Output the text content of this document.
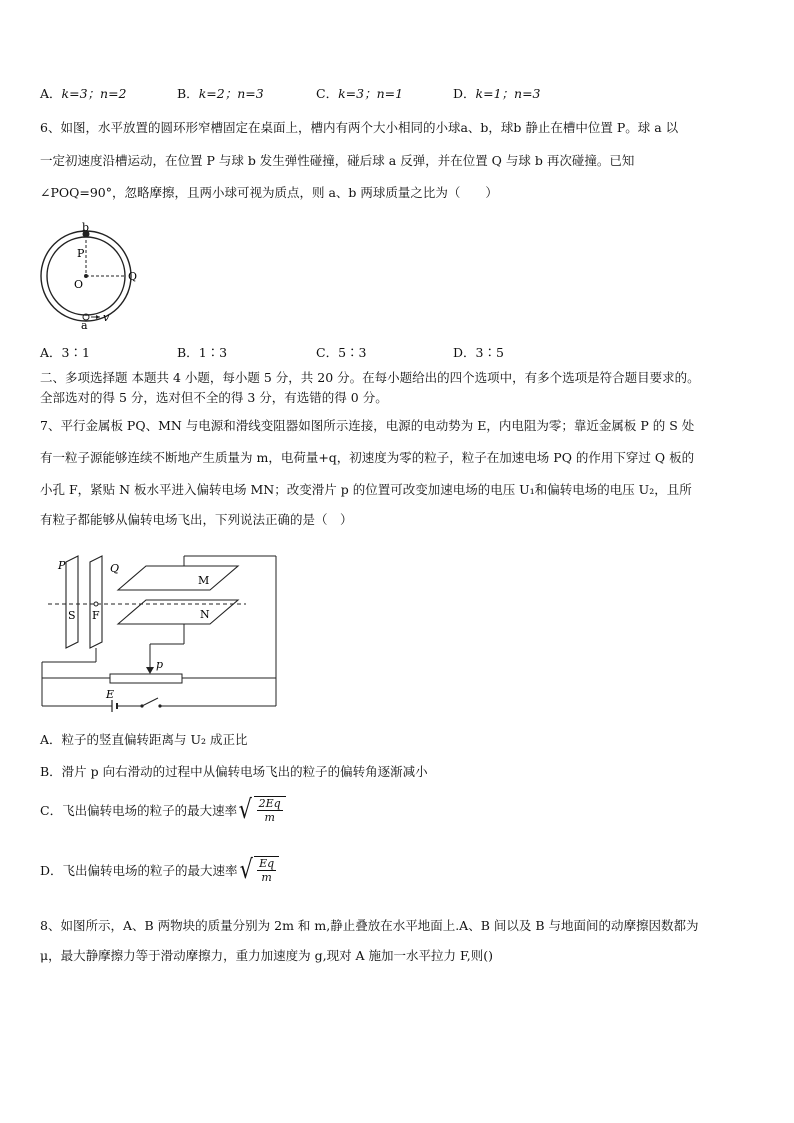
A．k=3；n=2	B．k=2；n=3	C．k=3；n=1	D．k=1；n=3
6、如图，水平放置的圆环形窄槽固定在桌面上，槽内有两个大小相同的小球a、b，球b 静止在槽中位置 P。球 a 以
一定初速度沿槽运动，在位置 P 与球 b 发生弹性碰撞，碰后球 a 反弹，并在位置 Q 与球 b 再次碰撞。已知
∠POQ=90°，忽略摩擦，且两小球可视为质点，则 a、b 两球质量之比为（　　）
b
P
O
Q
a
v
A．3∶1	B．1∶3	C．5∶3	D．3∶5
二、多项选择题 本题共 4 小题，每小题 5 分，共 20 分。在每小题给出的四个选项中，有多个选项是符合题目要求的。
全部选对的得 5 分，选对但不全的得 3 分，有选错的得 0 分。
7、平行金属板 PQ、MN 与电源和滑线变阻器如图所示连接，电源的电动势为 E，内电阻为零；靠近金属板 P 的 S 处
有一粒子源能够连续不断地产生质量为 m，电荷量+q，初速度为零的粒子，粒子在加速电场 PQ 的作用下穿过 Q 板的
小孔 F，紧贴 N 板水平进入偏转电场 MN；改变滑片 p 的位置可改变加速电场的电压 U₁和偏转电场的电压 U₂，且所
有粒子都能够从偏转电场飞出，下列说法正确的是（　）
P	Q
S F
M
N
p
E
A．粒子的竖直偏转距离与 U₂ 成正比
B．滑片 p 向右滑动的过程中从偏转电场飞出的粒子的偏转角逐渐减小
C．飞出偏转电场的粒子的最大速率 √ $\frac{2Eq}{m}$
D．飞出偏转电场的粒子的最大速率 √ $\frac{Eq}{m}$
8、如图所示，A、B 两物块的质量分别为 2m 和 m,静止叠放在水平地面上.A、B 间以及 B 与地面间的动摩擦因数都为
μ，最大静摩擦力等于滑动摩擦力，重力加速度为 g,现对 A 施加一水平拉力 F,则()
